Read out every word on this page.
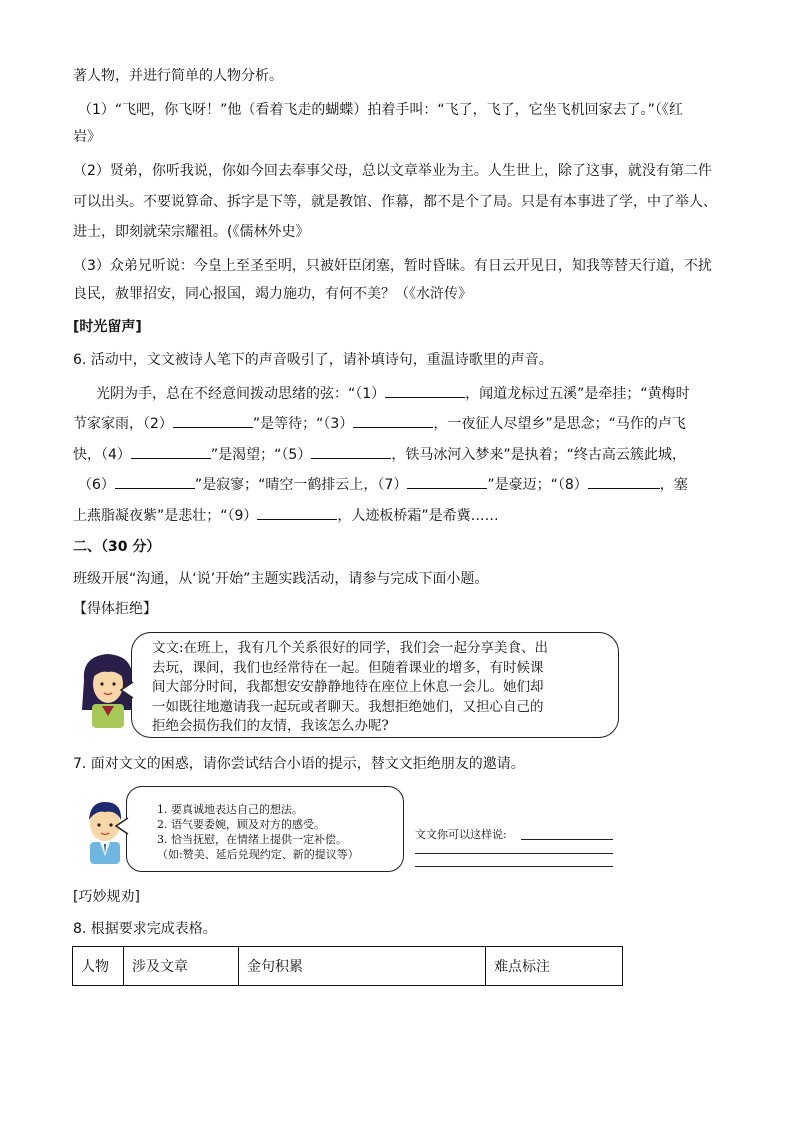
著人物，并进行简单的人物分析。
（1）“飞吧，你飞呀！”他（看着飞走的蝴蝶）拍着手叫：“飞了，飞了，它坐飞机回家去了。”（《红
岩》
（2）贤弟，你听我说，你如今回去奉事父母，总以文章举业为主。人生世上，除了这事，就没有第二件
可以出头。不要说算命、拆字是下等，就是教馆、作幕，都不是个了局。只是有本事进了学，中了举人、
进士，即刻就荣宗耀祖。(《儒林外史》
（3）众弟兄听说：今皇上至圣至明，只被奸臣闭塞，暂时昏昧。有日云开见日，知我等替天行道，不扰
良民，赦罪招安，同心报国，竭力施功，有何不美？（《水浒传》
[时光留声]
6. 活动中，文文被诗人笔下的声音吸引了，请补填诗句，重温诗歌里的声音。
光阴为手，总在不经意间拨动思绪的弦：“（1）	，闻道龙标过五溪”是牵挂；“黄梅时
节家家雨，（2）	”是等待；“（3）	，一夜征人尽望乡”是思念；“马作的卢飞
快，（4）	”是渴望；“（5）	，铁马冰河入梦来”是执着；“终古高云簇此城，
（6）	”是寂寥；“晴空一鹤排云上，（7）	”是豪迈；“（8）	，塞
上燕脂凝夜紫”是悲壮；“（9）	，人迹板桥霜”是希冀……
二、（30 分）
班级开展“沟通，从‘说’开始”主题实践活动，请参与完成下面小题。
【得体拒绝】
文文:在班上，我有几个关系很好的同学，我们会一起分享美食、出
去玩，课间，我们也经常待在一起。但随着课业的增多，有时候课
间大部分时间，我都想安安静静地待在座位上休息一会儿。她们却
一如既往地邀请我一起玩或者聊天。我想拒绝她们，又担心自己的
拒绝会损伤我们的友情，我该怎么办呢?
7. 面对文文的困惑，请你尝试结合小语的提示，替文文拒绝朋友的邀请。
1. 要真诚地表达自己的想法。
2. 语气要委婉，顾及对方的感受。
3. 恰当抚慰，在情绪上提供一定补偿。
（如:赞美、延后兑现约定、新的提议等）
文文你可以这样说:
[巧妙规劝]
8. 根据要求完成表格。
人物	涉及文章	金句积累	难点标注
